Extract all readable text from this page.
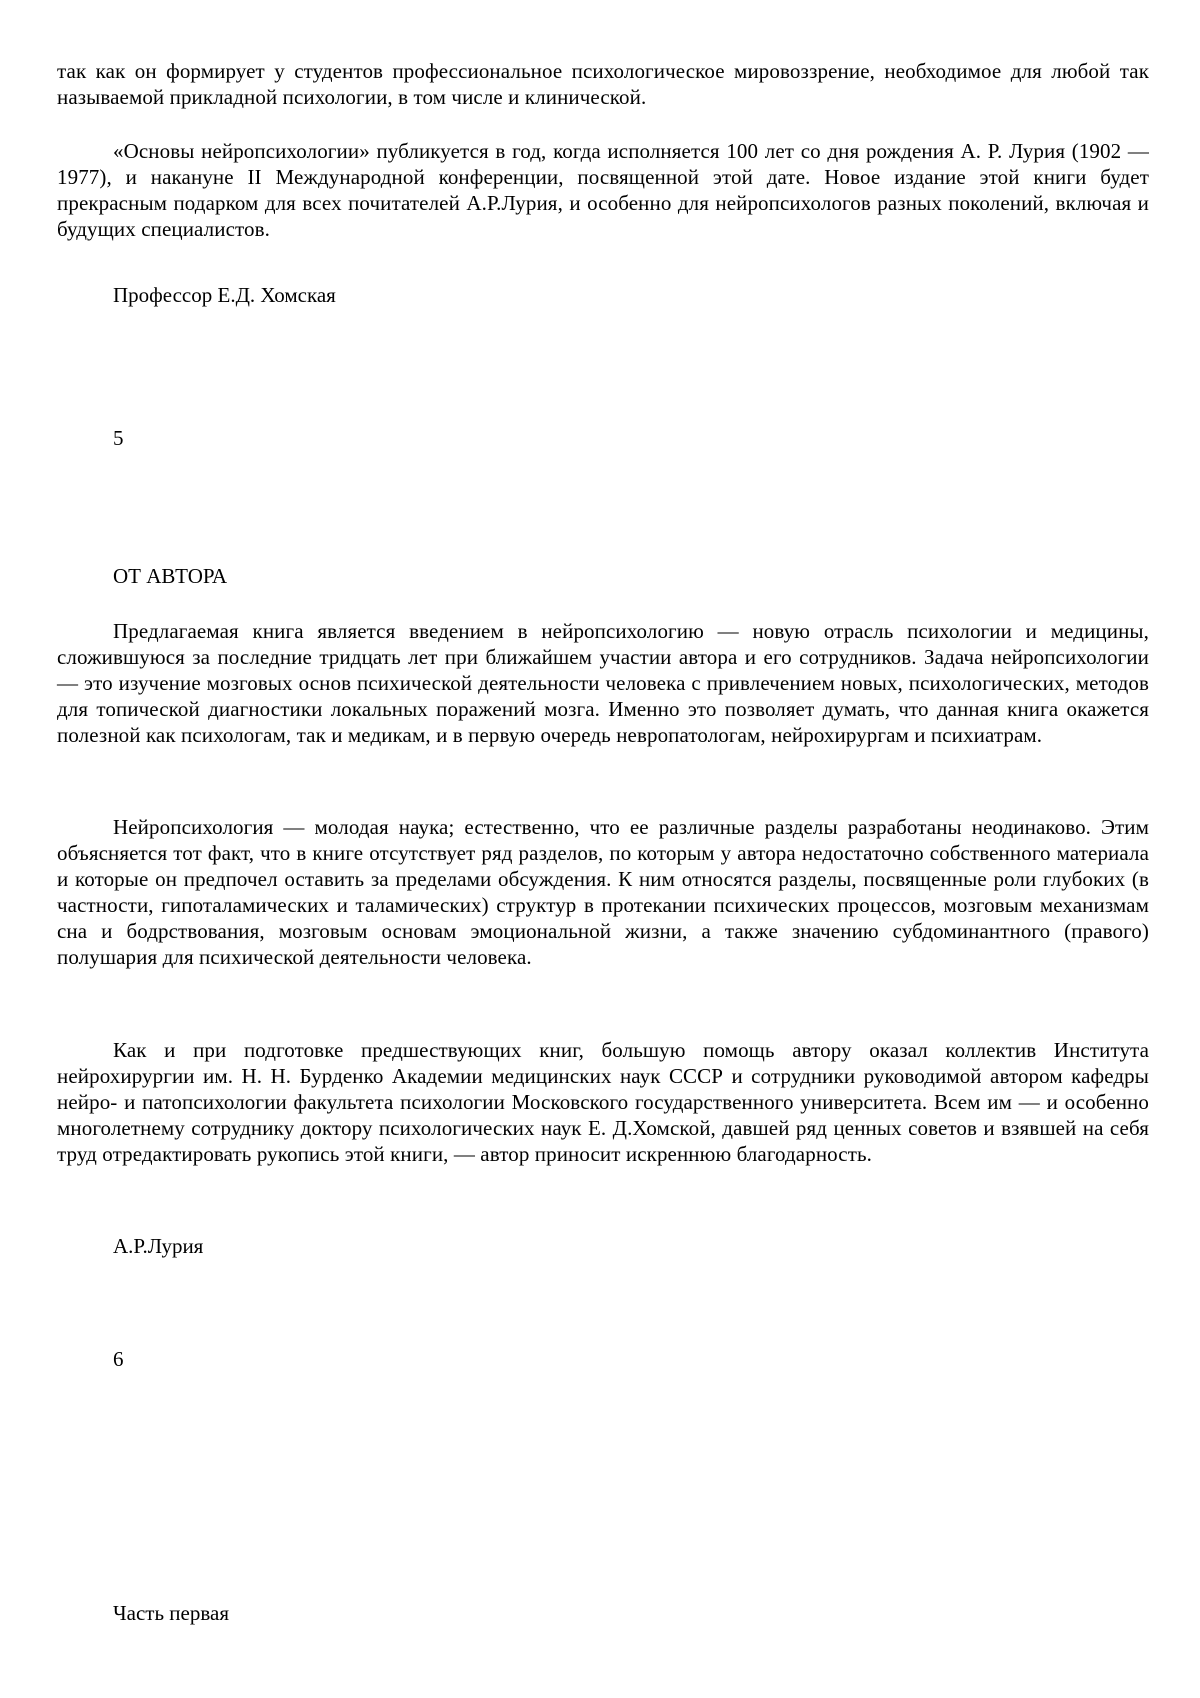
так как он формирует у студентов профессиональное психологическое мировоззрение, необходимое для любой так называемой прикладной психологии, в том числе и клинической.

«Основы нейропсихологии» публикуется в год, когда исполняется 100 лет со дня рождения А. Р. Лурия (1902 — 1977), и накануне II Международной конференции, посвященной этой дате. Новое издание этой книги будет прекрасным подарком для всех почитателей А.Р.Лурия, и особенно для нейропсихологов разных поколений, включая и будущих специалистов.

Профессор Е.Д. Хомская

5

ОТ АВТОРА

Предлагаемая книга является введением в нейропсихологию — новую отрасль психологии и медицины, сложившуюся за последние тридцать лет при ближайшем участии автора и его сотрудников. Задача нейропсихологии — это изучение мозговых основ психической деятельности человека с привлечением новых, психологических, методов для топической диагностики локальных поражений мозга. Именно это позволяет думать, что данная книга окажется полезной как психологам, так и медикам, и в первую очередь невропатологам, нейрохирургам и психиатрам.

Нейропсихология — молодая наука; естественно, что ее различные разделы разработаны неодинаково. Этим объясняется тот факт, что в книге отсутствует ряд разделов, по которым у автора недостаточно собственного материала и которые он предпочел оставить за пределами обсуждения. К ним относятся разделы, посвященные роли глубоких (в частности, гипоталамических и таламических) структур в протекании психических процессов, мозговым механизмам сна и бодрствования, мозговым основам эмоциональной жизни, а также значению субдоминантного (правого) полушария для психической деятельности человека.

Как и при подготовке предшествующих книг, большую помощь автору оказал коллектив Института нейрохирургии им. Н. Н. Бурденко Академии медицинских наук СССР и сотрудники руководимой автором кафедры нейро- и патопсихологии факультета психологии Московского государственного университета. Всем им — и особенно многолетнему сотруднику доктору психологических наук Е. Д.Хомской, давшей ряд ценных советов и взявшей на себя труд отредактировать рукопись этой книги, — автор приносит искреннюю благодарность.

А.Р.Лурия

6

Часть первая
